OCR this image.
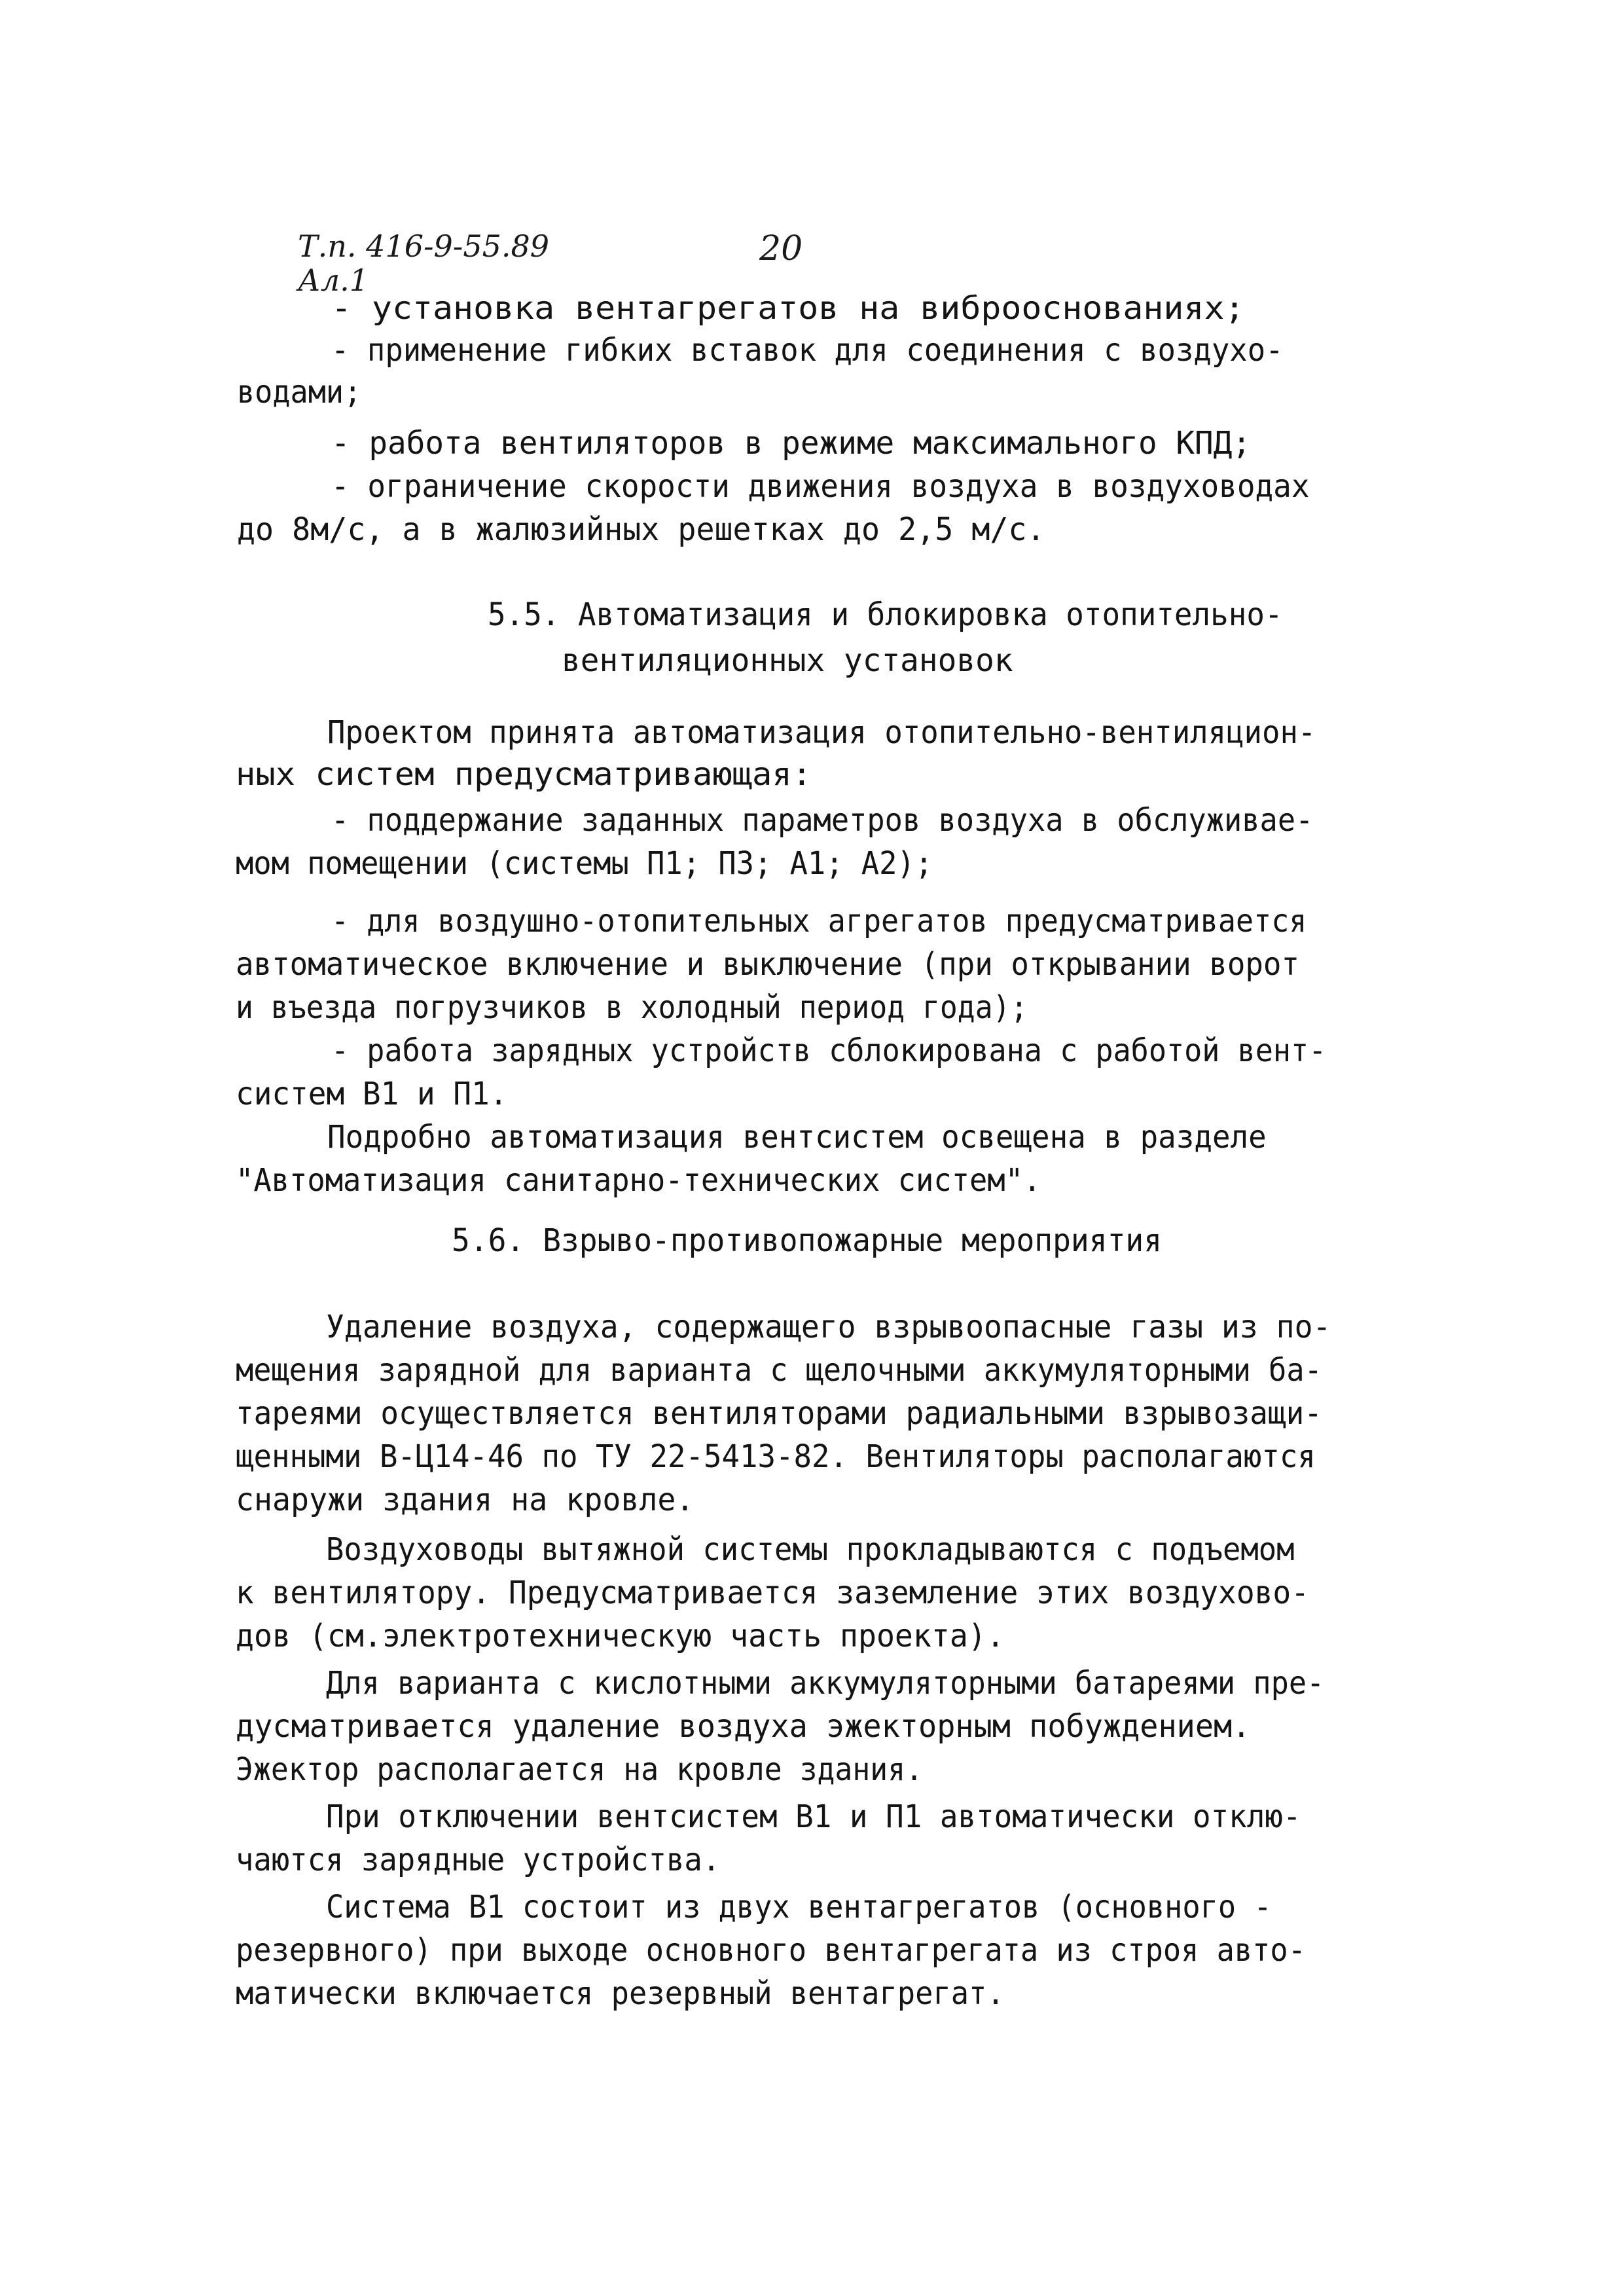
Т.п. 416-9-55.89
Ал.1
20
- установка вентагрегатов на виброоснованиях;
- применение гибких вставок для соединения с воздухо-
водами;
- работа вентиляторов в режиме максимального КПД;
- ограничение скорости движения воздуха в воздуховодах
до 8м/с, а в жалюзийных решетках до 2,5 м/с.
5.5. Автоматизация и блокировка отопительно-
вентиляционных установок
Проектом принята автоматизация отопительно-вентиляцион-
ных систем предусматривающая:
- поддержание заданных параметров воздуха в обслуживае-
мом помещении (системы П1; П3; А1; А2);
- для воздушно-отопительных агрегатов предусматривается
автоматическое включение и выключение (при открывании ворот
и въезда погрузчиков в холодный период года);
- работа зарядных устройств сблокирована с работой вент-
систем В1 и П1.
Подробно автоматизация вентсистем освещена в разделе
"Автоматизация санитарно-технических систем".
5.6. Взрыво-противопожарные мероприятия
Удаление воздуха, содержащего взрывоопасные газы из по-
мещения зарядной для варианта с щелочными аккумуляторными ба-
тареями осуществляется вентиляторами радиальными взрывозащи-
щенными В-Ц14-46 по ТУ 22-5413-82. Вентиляторы располагаются
снаружи здания на кровле.
Воздуховоды вытяжной системы прокладываются с подъемом
к вентилятору. Предусматривается заземление этих воздухово-
дов (см.электротехническую часть проекта).
Для варианта с кислотными аккумуляторными батареями пре-
дусматривается удаление воздуха эжекторным побуждением.
Эжектор располагается на кровле здания.
При отключении вентсистем В1 и П1 автоматически отклю-
чаются зарядные устройства.
Система В1 состоит из двух вентагрегатов (основного -
резервного) при выходе основного вентагрегата из строя авто-
матически включается резервный вентагрегат.
